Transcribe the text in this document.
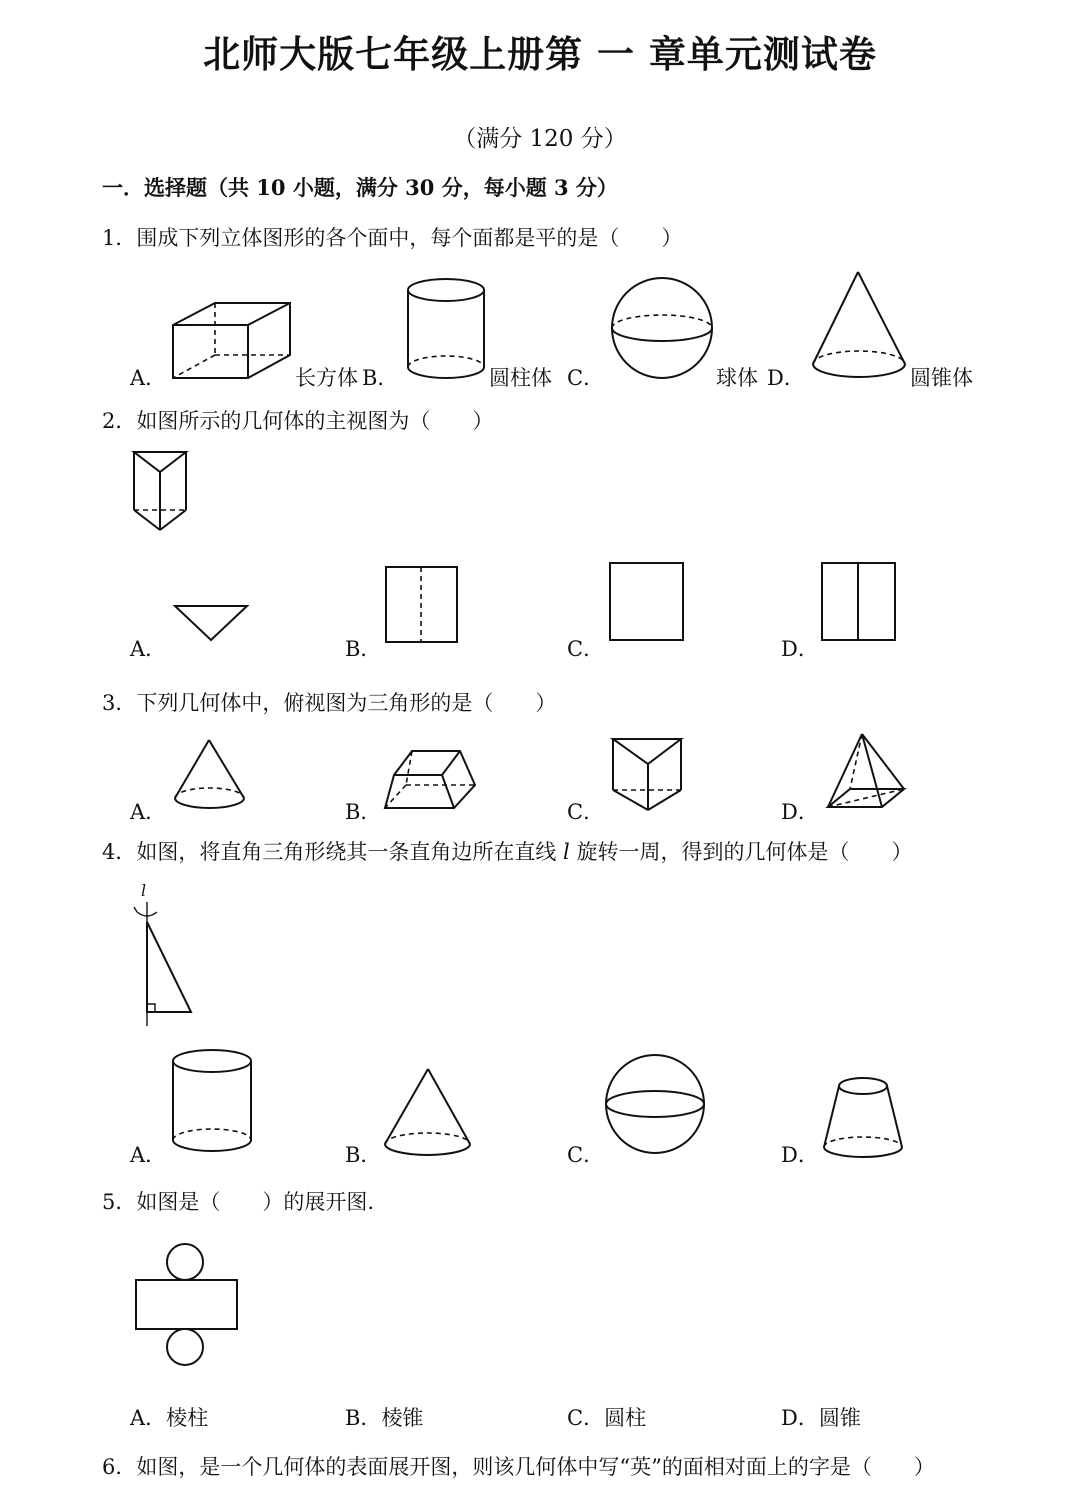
北师大版七年级上册第 一 章单元测试卷
（满分 120 分）
一．选择题（共 10 小题，满分 30 分，每小题 3 分）
1．围成下列立体图形的各个面中，每个面都是平的是（　　）
A．	长方体 B．	圆柱体 C．	球体 D．	圆锥体
2．如图所示的几何体的主视图为（　　）
A．	B．	C．	D．
3．下列几何体中，俯视图为三角形的是（　　）
A．	B．	C．	D．
4．如图，将直角三角形绕其一条直角边所在直线 l 旋转一周，得到的几何体是（　　）
l
A．	B．	C．	D．
5．如图是（　　）的展开图.
A．棱柱	B．棱锥	C．圆柱	D．圆锥
6．如图，是一个几何体的表面展开图，则该几何体中写“英”的面相对面上的字是（　　）
